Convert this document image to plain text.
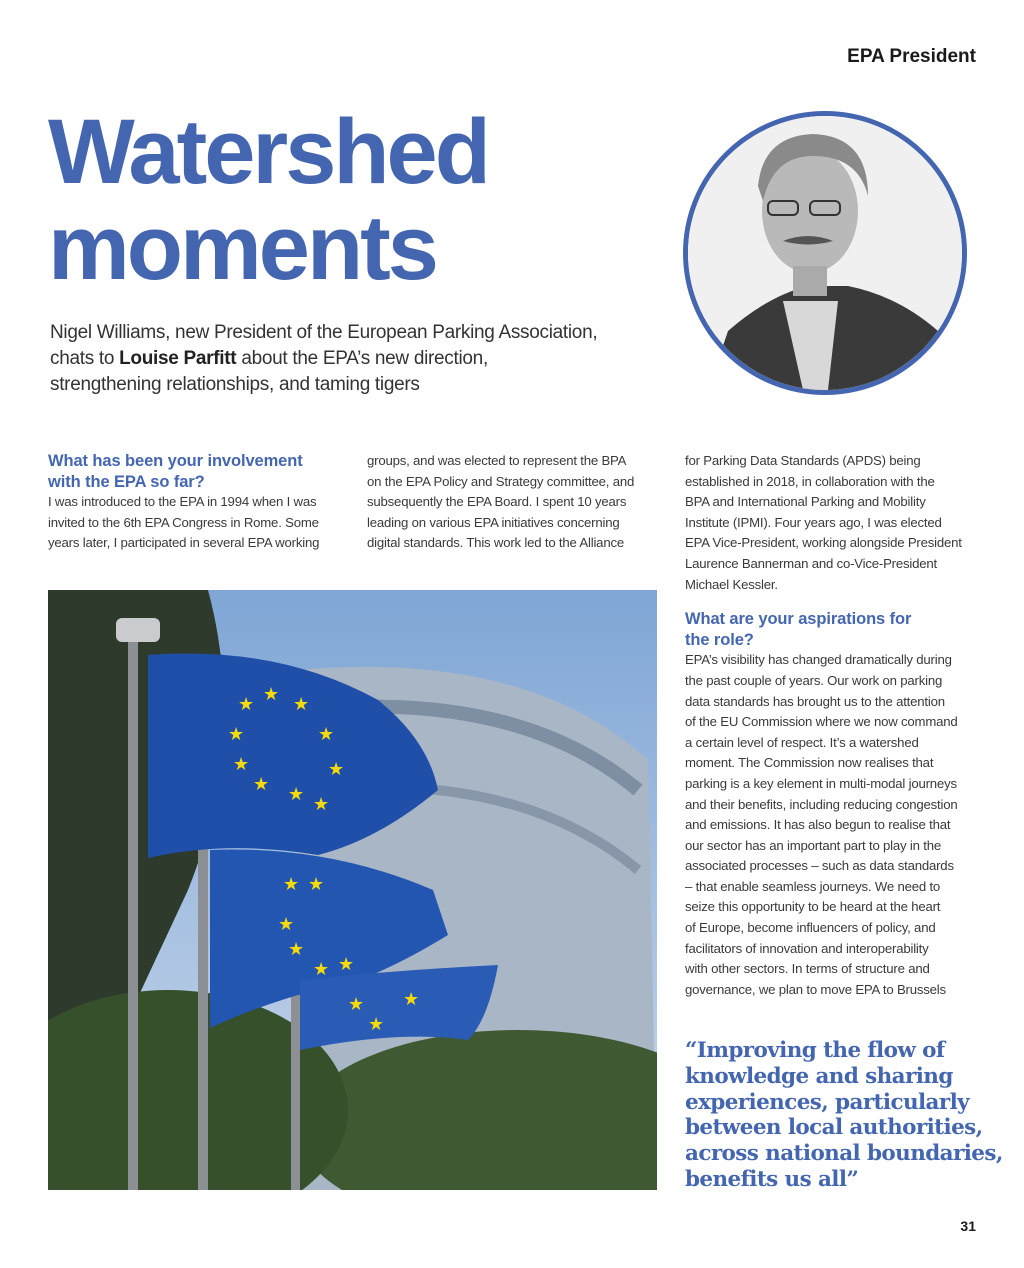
EPA President
Watershed
moments
Nigel Williams, new President of the European Parking Association,
chats to Louise Parfitt about the EPA’s new direction,
strengthening relationships, and taming tigers
What has been your involvement
with the EPA so far?
I was introduced to the EPA in 1994 when I was
invited to the 6th EPA Congress in Rome. Some
years later, I participated in several EPA working
groups, and was elected to represent the BPA
on the EPA Policy and Strategy committee, and
subsequently the EPA Board. I spent 10 years
leading on various EPA initiatives concerning
digital standards. This work led to the Alliance
for Parking Data Standards (APDS) being
established in 2018, in collaboration with the
BPA and International Parking and Mobility
Institute (IPMI). Four years ago, I was elected
EPA Vice-President, working alongside President
Laurence Bannerman and co-Vice-President
Michael Kessler.
What are your aspirations for
the role?
EPA’s visibility has changed dramatically during
the past couple of years. Our work on parking
data standards has brought us to the attention
of the EU Commission where we now command
a certain level of respect. It’s a watershed
moment. The Commission now realises that
parking is a key element in multi-modal journeys
and their benefits, including reducing congestion
and emissions. It has also begun to realise that
our sector has an important part to play in the
associated processes – such as data standards
– that enable seamless journeys. We need to
seize this opportunity to be heard at the heart
of Europe, become influencers of policy, and
facilitators of innovation and interoperability
with other sectors. In terms of structure and
governance, we plan to move EPA to Brussels
★ ★ ★
★
★
★
★ ★ ★
★
★ ★
★
★
★ ★
★
★
★
“Improving the flow of
knowledge and sharing
experiences, particularly
between local authorities,
across national boundaries,
benefits us all”
31
